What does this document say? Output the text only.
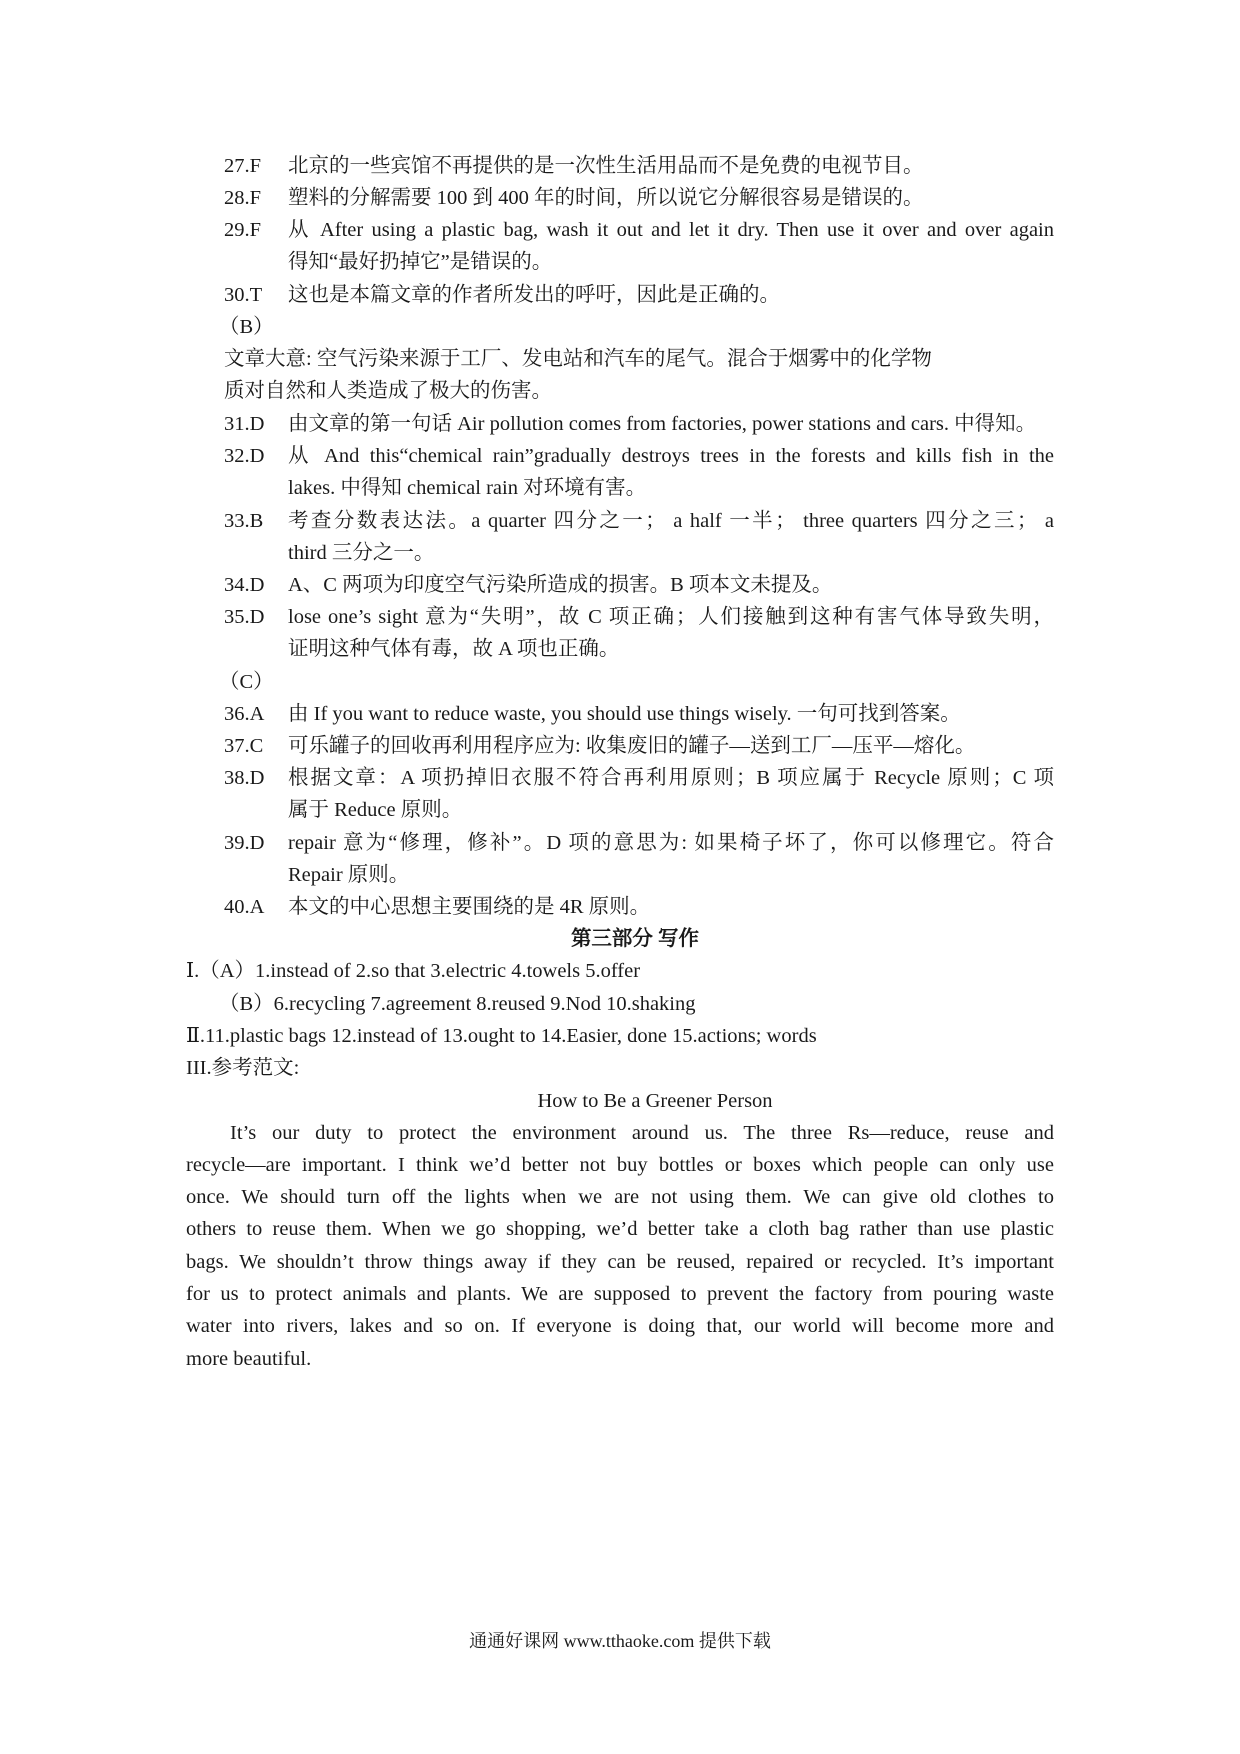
27.F 北京的一些宾馆不再提供的是一次性生活用品而不是免费的电视节目。
28.F 塑料的分解需要 100 到 400 年的时间，所以说它分解很容易是错误的。
29.F 从 After using a plastic bag, wash it out and let it dry. Then use it over and over again
得知“最好扔掉它”是错误的。
30.T 这也是本篇文章的作者所发出的呼吁，因此是正确的。
（B）
文章大意: 空气污染来源于工厂、发电站和汽车的尾气。混合于烟雾中的化学物
质对自然和人类造成了极大的伤害。
31.D 由文章的第一句话 Air pollution comes from factories, power stations and cars. 中得知。
32.D 从 And this“chemical rain”gradually destroys trees in the forests and kills fish in the
lakes. 中得知 chemical rain 对环境有害。
33.B 考查分数表达法。a quarter 四分之一； a half 一半； three quarters 四分之三； a
third 三分之一。
34.D A、C 两项为印度空气污染所造成的损害。B 项本文未提及。
35.D lose one’s sight 意为“失明”，故 C 项正确；人们接触到这种有害气体导致失明，
证明这种气体有毒，故 A 项也正确。
（C）
36.A 由 If you want to reduce waste, you should use things wisely. 一句可找到答案。
37.C 可乐罐子的回收再利用程序应为: 收集废旧的罐子—送到工厂—压平—熔化。
38.D 根据文章：A 项扔掉旧衣服不符合再利用原则；B 项应属于 Recycle 原则；C 项
属于 Reduce 原则。
39.D repair 意为“修理，修补”。D 项的意思为: 如果椅子坏了，你可以修理它。符合
Repair 原则。
40.A 本文的中心思想主要围绕的是 4R 原则。
第三部分 写作
Ⅰ.（A）1.instead of 2.so that 3.electric 4.towels 5.offer
（B）6.recycling 7.agreement 8.reused 9.Nod 10.shaking
Ⅱ.11.plastic bags 12.instead of 13.ought to 14.Easier, done 15.actions; words
III.参考范文:
How to Be a Greener Person
It’s our duty to protect the environment around us. The three Rs—reduce, reuse and
recycle—are important. I think we’d better not buy bottles or boxes which people can only use
once. We should turn off the lights when we are not using them. We can give old clothes to
others to reuse them. When we go shopping, we’d better take a cloth bag rather than use plastic
bags. We shouldn’t throw things away if they can be reused, repaired or recycled. It’s important
for us to protect animals and plants. We are supposed to prevent the factory from pouring waste
water into rivers, lakes and so on. If everyone is doing that, our world will become more and
more beautiful.
通通好课网 www.tthaoke.com 提供下载
